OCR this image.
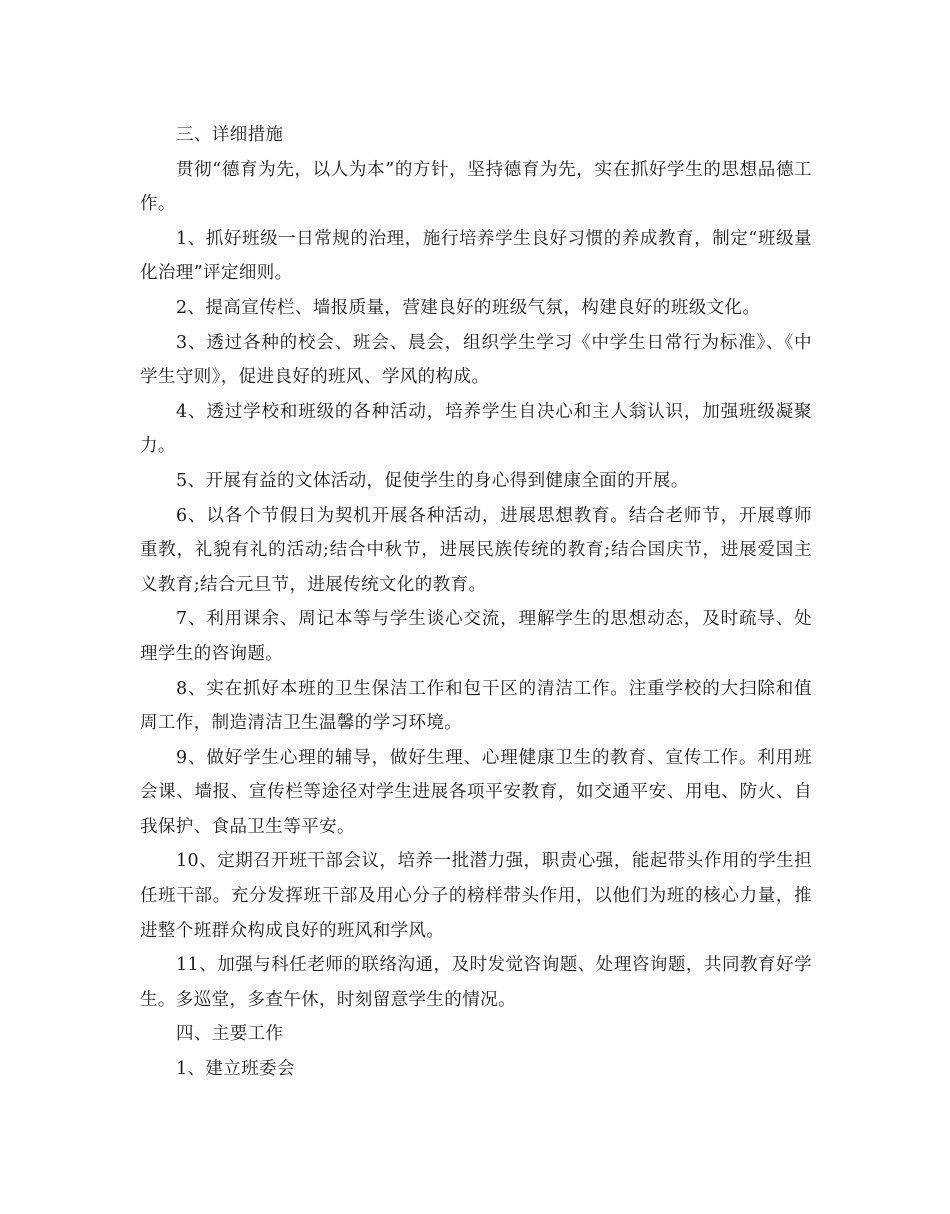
三、详细措施

贯彻“德育为先，以人为本”的方针，坚持德育为先，实在抓好学生的思想品德工作。

1、抓好班级一日常规的治理，施行培养学生良好习惯的养成教育，制定“班级量化治理”评定细则。

2、提高宣传栏、墙报质量，营建良好的班级气氛，构建良好的班级文化。

3、透过各种的校会、班会、晨会，组织学生学习《中学生日常行为标准》、《中学生守则》，促进良好的班风、学风的构成。

4、透过学校和班级的各种活动，培养学生自决心和主人翁认识，加强班级凝聚力。

5、开展有益的文体活动，促使学生的身心得到健康全面的开展。

6、以各个节假日为契机开展各种活动，进展思想教育。结合老师节，开展尊师重教，礼貌有礼的活动;结合中秋节，进展民族传统的教育;结合国庆节，进展爱国主义教育;结合元旦节，进展传统文化的教育。

7、利用课余、周记本等与学生谈心交流，理解学生的思想动态，及时疏导、处理学生的咨询题。

8、实在抓好本班的卫生保洁工作和包干区的清洁工作。注重学校的大扫除和值周工作，制造清洁卫生温馨的学习环境。

9、做好学生心理的辅导，做好生理、心理健康卫生的教育、宣传工作。利用班会课、墙报、宣传栏等途径对学生进展各项平安教育，如交通平安、用电、防火、自我保护、食品卫生等平安。

10、定期召开班干部会议，培养一批潜力强，职责心强，能起带头作用的学生担任班干部。充分发挥班干部及用心分子的榜样带头作用，以他们为班的核心力量，推进整个班群众构成良好的班风和学风。

11、加强与科任老师的联络沟通，及时发觉咨询题、处理咨询题，共同教育好学生。多巡堂，多查午休，时刻留意学生的情况。

四、主要工作

1、建立班委会
